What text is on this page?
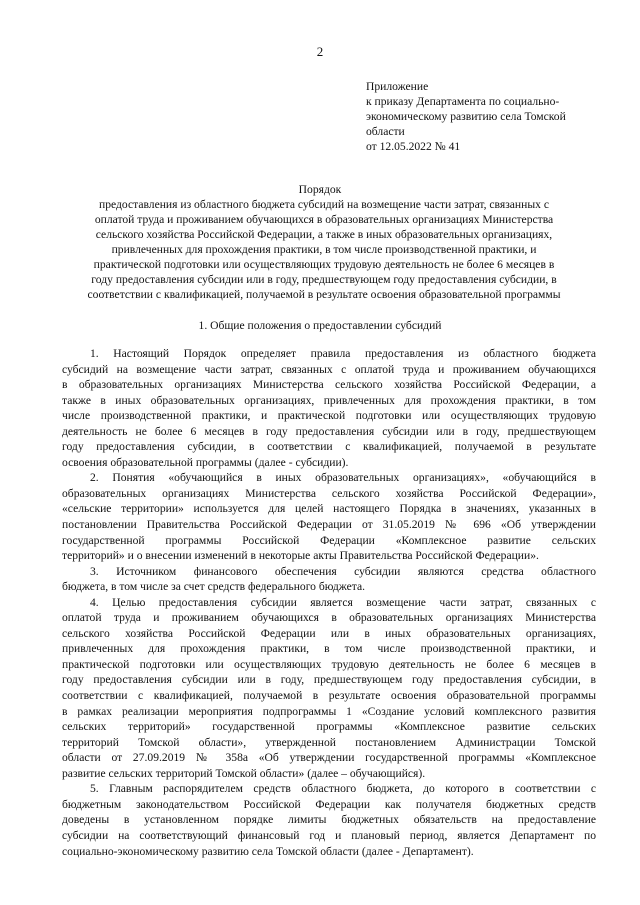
2
Приложение
к приказу Департамента по социально-
экономическому развитию села Томской
области
от 12.05.2022 № 41
Порядок
предоставления из областного бюджета субсидий на возмещение части затрат, связанных с
оплатой труда и проживанием обучающихся в образовательных организациях Министерства
сельского хозяйства Российской Федерации, а также в иных образовательных организациях,
привлеченных для прохождения практики, в том числе производственной практики, и
практической подготовки или осуществляющих трудовую деятельность не более 6 месяцев в
году предоставления субсидии или в году, предшествующем году предоставления субсидии, в
соответствии с квалификацией, получаемой в результате освоения образовательной программы
1. Общие положения о предоставлении субсидий
1. Настоящий Порядок определяет правила предоставления из областного бюджета
субсидий на возмещение части затрат, связанных с оплатой труда и проживанием обучающихся
в образовательных организациях Министерства сельского хозяйства Российской Федерации, а
также в иных образовательных организациях, привлеченных для прохождения практики, в том
числе производственной практики, и практической подготовки или осуществляющих трудовую
деятельность не более 6 месяцев в году предоставления субсидии или в году, предшествующем
году предоставления субсидии, в соответствии с квалификацией, получаемой в результате
освоения образовательной программы (далее - субсидии).
2. Понятия «обучающийся в иных образовательных организациях», «обучающийся в
образовательных организациях Министерства сельского хозяйства Российской Федерации»,
«сельские территории» используется для целей настоящего Порядка в значениях, указанных в
постановлении Правительства Российской Федерации от 31.05.2019 № 696 «Об утверждении
государственной программы Российской Федерации «Комплексное развитие сельских
территорий» и о внесении изменений в некоторые акты Правительства Российской Федерации».
3. Источником финансового обеспечения субсидии являются средства областного
бюджета, в том числе за счет средств федерального бюджета.
4. Целью предоставления субсидии является возмещение части затрат, связанных с
оплатой труда и проживанием обучающихся в образовательных организациях Министерства
сельского хозяйства Российской Федерации или в иных образовательных организациях,
привлеченных для прохождения практики, в том числе производственной практики, и
практической подготовки или осуществляющих трудовую деятельность не более 6 месяцев в
году предоставления субсидии или в году, предшествующем году предоставления субсидии, в
соответствии с квалификацией, получаемой в результате освоения образовательной программы
в рамках реализации мероприятия подпрограммы 1 «Создание условий комплексного развития
сельских территорий» государственной программы «Комплексное развитие сельских
территорий Томской области», утвержденной постановлением Администрации Томской
области от 27.09.2019 № 358а «Об утверждении государственной программы «Комплексное
развитие сельских территорий Томской области» (далее – обучающийся).
5. Главным распорядителем средств областного бюджета, до которого в соответствии с
бюджетным законодательством Российской Федерации как получателя бюджетных средств
доведены в установленном порядке лимиты бюджетных обязательств на предоставление
субсидии на соответствующий финансовый год и плановый период, является Департамент по
социально-экономическому развитию села Томской области (далее - Департамент).
